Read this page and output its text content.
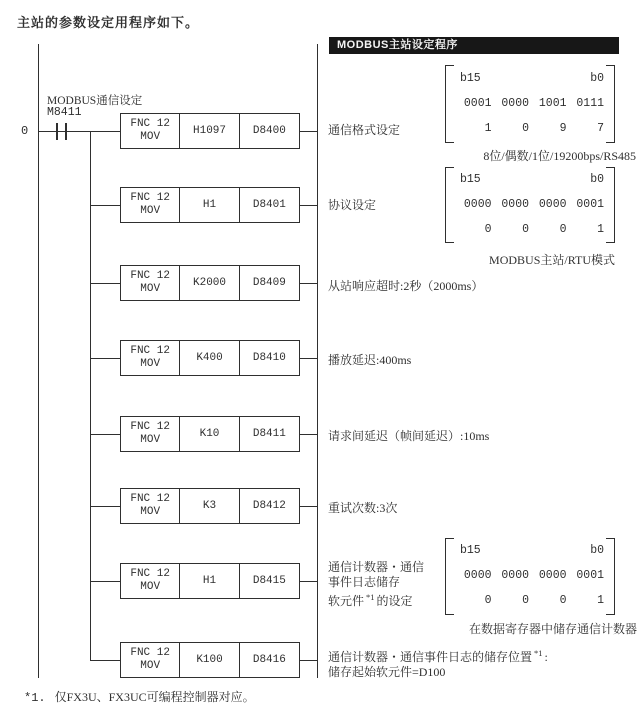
主站的参数设定用程序如下。
MODBUS主站设定程序
0
MODBUS通信设定
M8411
FNC 12
MOV
H1097	D8400
FNC 12
MOV
H1	D8401
FNC 12
MOV
K2000	D8409
FNC 12
MOV
K400	D8410
FNC 12
MOV
K10	D8411
FNC 12
MOV
K3	D8412
FNC 12
MOV
H1	D8415
FNC 12
MOV
K100	D8416
通信格式设定
协议设定
从站响应超时:2秒（2000ms）
播放延迟:400ms
请求间延迟（帧间延迟）:10ms
重试次数:3次
通信计数器・通信
事件日志储存
软元件 $^{*1}$ 的设定
通信计数器・通信事件日志的储存位置 $^{*1}$ :
储存起始软元件=D100
b15	b0
0001 0000 1001 0111
1	0	9	7
8位/偶数/1位/19200bps/RS485
b15	b0
0000 0000 0000 0001
0	0	0	1
MODBUS主站/RTU模式
b15	b0
0000 0000 0000 0001
0	0	0	1
在数据寄存器中储存通信计数器
*1. 仅FX3U、FX3UC可编程控制器对应。
